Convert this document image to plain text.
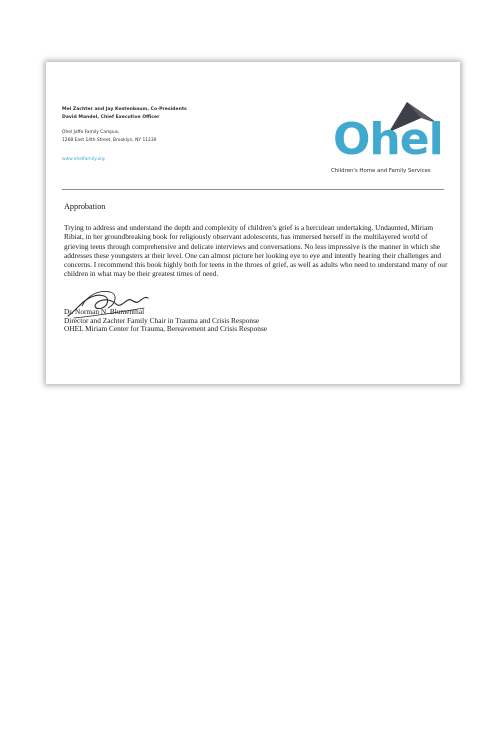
Mel Zachter and Jay Kestenbaum, Co-Presidents
David Mandel, Chief Executive Officer
Ohel Jaffe Family Campus,
1268 East 14th Street, Brooklyn, NY 11230
www.ohelfamily.org	Ohel
Children's Home and Family Services
Approbation

Trying to address and understand the depth and complexity of children’s grief is a herculean undertaking. Undaunted, Miriam Ribiat, in her groundbreaking book for religiously observant adolescents, has immersed herself in the multilayered world of grieving teens through comprehensive and delicate interviews and conversations. No less impressive is the manner in which she addresses these youngsters at their level. One can almost picture her looking eye to eye and intently hearing their challenges and concerns. I recommend this book highly both for teens in the throes of grief, as well as adults who need to understand many of our children in what may be their greatest times of need.

Dr. Norman N. Blumenthal
Director and Zachter Family Chair in Trauma and Crisis Response
OHEL Miriam Center for Trauma, Bereavement and Crisis Response
